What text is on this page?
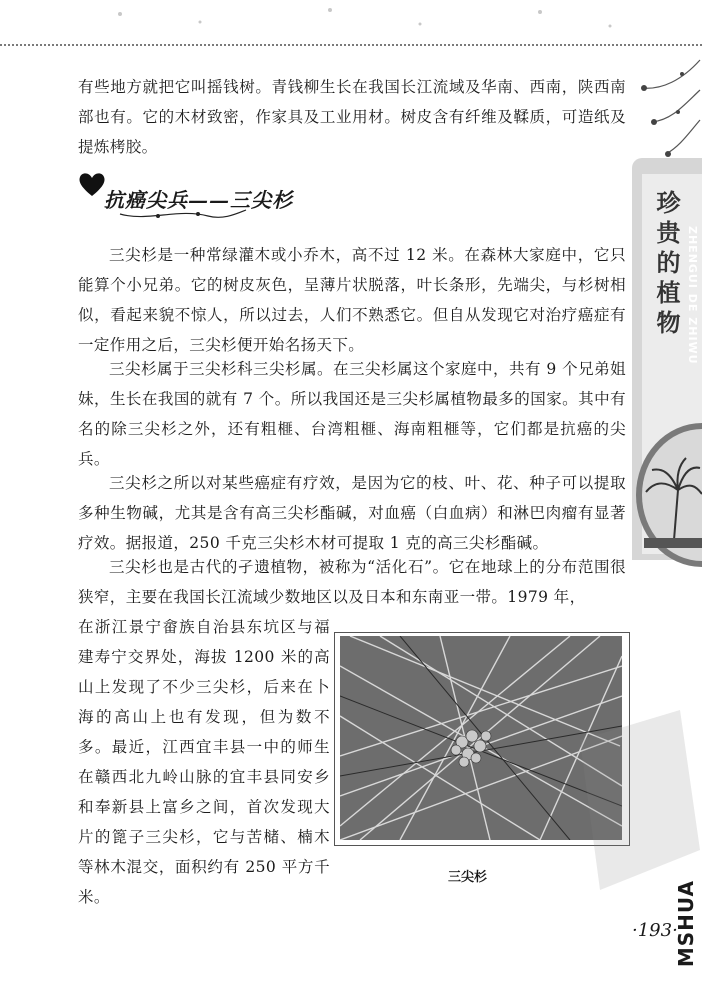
有些地方就把它叫摇钱树。青钱柳生长在我国长江流域及华南、西南，陕西南部也有。它的木材致密，作家具及工业用材。树皮含有纤维及鞣质，可造纸及提炼栲胶。

抗癌尖兵——三尖杉

三尖杉是一种常绿灌木或小乔木，高不过 12 米。在森林大家庭中，它只能算个小兄弟。它的树皮灰色，呈薄片状脱落，叶长条形，先端尖，与杉树相似，看起来貌不惊人，所以过去，人们不熟悉它。但自从发现它对治疗癌症有一定作用之后，三尖杉便开始名扬天下。

三尖杉属于三尖杉科三尖杉属。在三尖杉属这个家庭中，共有 9 个兄弟姐妹，生长在我国的就有 7 个。所以我国还是三尖杉属植物最多的国家。其中有名的除三尖杉之外，还有粗榧、台湾粗榧、海南粗榧等，它们都是抗癌的尖兵。

三尖杉之所以对某些癌症有疗效，是因为它的枝、叶、花、种子可以提取多种生物碱，尤其是含有高三尖杉酯碱，对血癌（白血病）和淋巴肉瘤有显著疗效。据报道，250 千克三尖杉木材可提取 1 克的高三尖杉酯碱。

三尖杉也是古代的孑遗植物，被称为“活化石”。它在地球上的分布范围很狭窄，主要在我国长江流域少数地区以及日本和东南亚一带。1979 年，

在浙江景宁畲族自治县东坑区与福建寿宁交界处，海拔 1200 米的高山上发现了不少三尖杉，后来在卜海的高山上也有发现，但为数不多。最近，江西宜丰县一中的师生在赣西北九岭山脉的宜丰县同安乡和奉新县上富乡之间，首次发现大片的篦子三尖杉，它与苦槠、楠木等林木混交，面积约有 250 平方千米。

三尖杉
珍贵的植物 ZHENGUI DE ZHIWU
·193·
MSHUA
